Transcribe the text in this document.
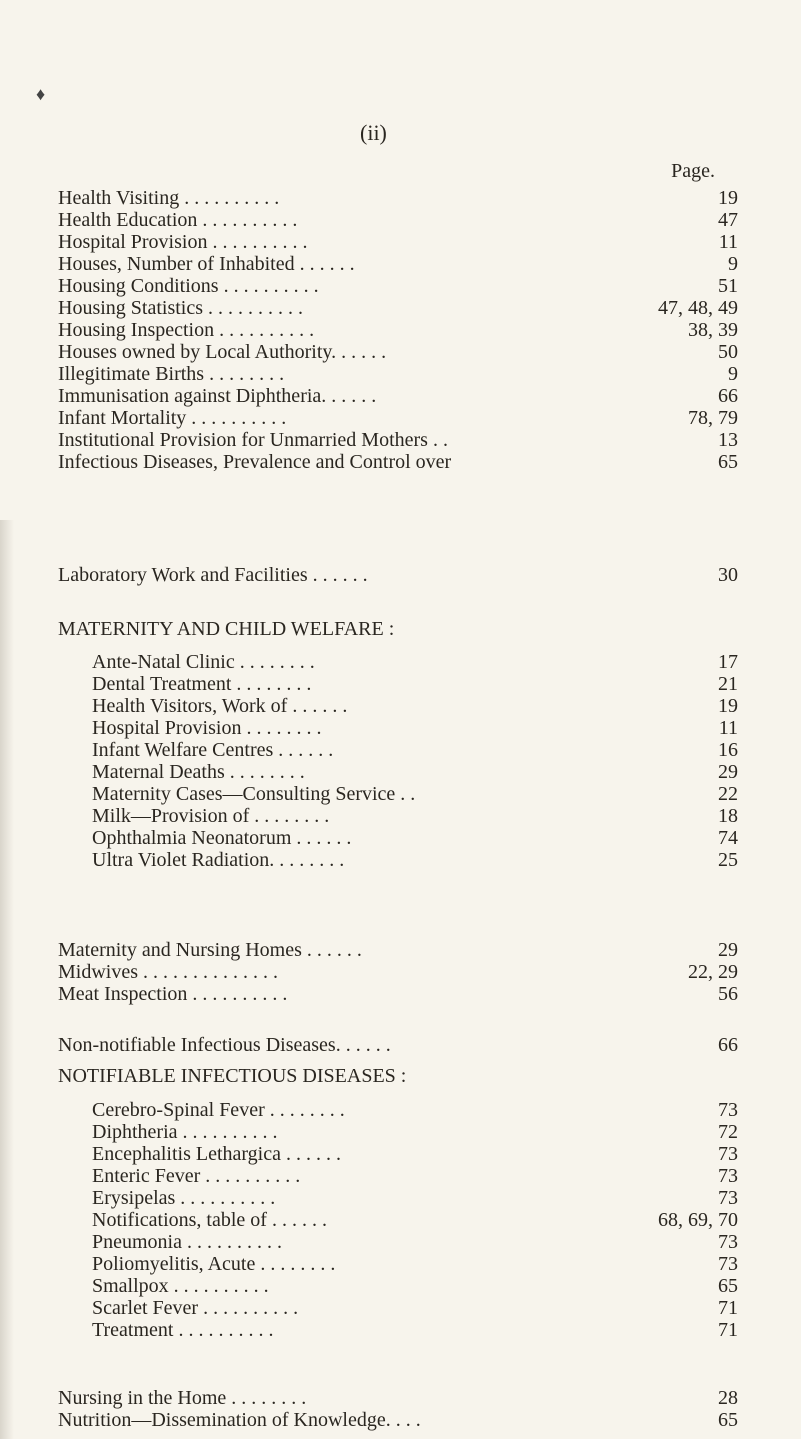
♦
(ii)
Page.
Health Visiting . . . . . . . . . .	19
Health Education . . . . . . . . . .	47
Hospital Provision . . . . . . . . . .	11
Houses, Number of Inhabited . . . . . .	9
Housing Conditions . . . . . . . . . .	51
Housing Statistics . . . . . . . . . .	47, 48, 49
Housing Inspection . . . . . . . . . .	38, 39
Houses owned by Local Authority. . . . . .	50
Illegitimate Births . . . . . . . .	9
Immunisation against Diphtheria. . . . . .	66
Infant Mortality . . . . . . . . . .	78, 79
Institutional Provision for Unmarried Mothers . .	13
Infectious Diseases, Prevalence and Control over	65
Laboratory Work and Facilities . . . . . .	30
MATERNITY AND CHILD WELFARE :
Ante-Natal Clinic . . . . . . . .	17
Dental Treatment . . . . . . . .	21
Health Visitors, Work of . . . . . .	19
Hospital Provision . . . . . . . .	11
Infant Welfare Centres . . . . . .	16
Maternal Deaths . . . . . . . .	29
Maternity Cases—Consulting Service . .	22
Milk—Provision of . . . . . . . .	18
Ophthalmia Neonatorum . . . . . .	74
Ultra Violet Radiation. . . . . . . .	25
Maternity and Nursing Homes . . . . . .	29
Midwives . . . . . . . . . . . . . .	22, 29
Meat Inspection . . . . . . . . . .	56
Non-notifiable Infectious Diseases. . . . . .	66
NOTIFIABLE INFECTIOUS DISEASES :
Cerebro-Spinal Fever . . . . . . . .	73
Diphtheria . . . . . . . . . .	72
Encephalitis Lethargica . . . . . .	73
Enteric Fever . . . . . . . . . .	73
Erysipelas . . . . . . . . . .	73
Notifications, table of . . . . . .	68, 69, 70
Pneumonia . . . . . . . . . .	73
Poliomyelitis, Acute . . . . . . . .	73
Smallpox . . . . . . . . . .	65
Scarlet Fever . . . . . . . . . .	71
Treatment . . . . . . . . . .	71
Nursing in the Home . . . . . . . .	28
Nutrition—Dissemination of Knowledge. . . .	65
